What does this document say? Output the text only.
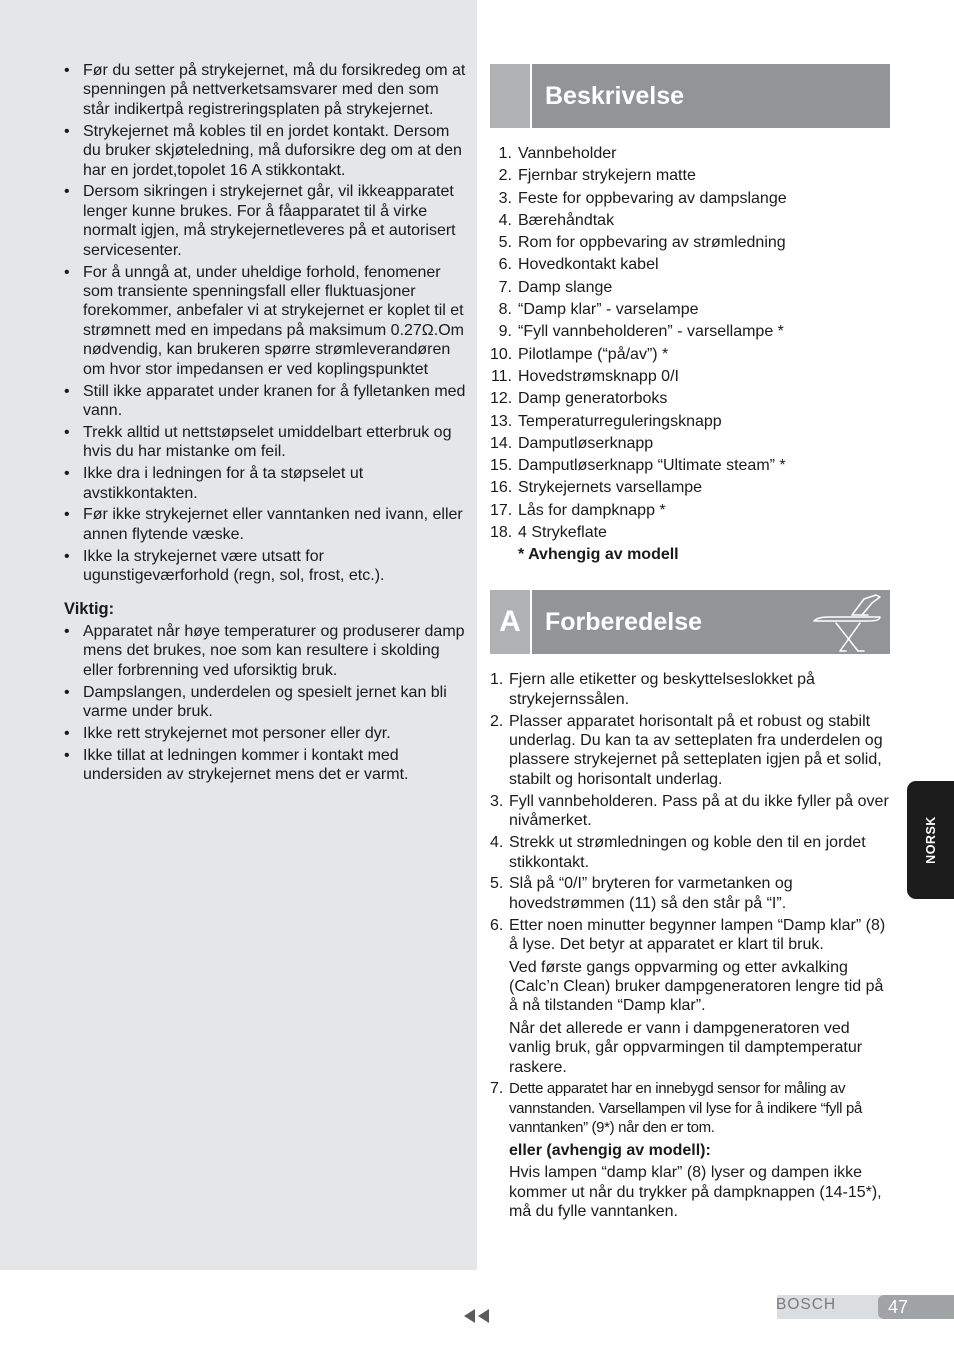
• Før du setter på strykejernet, må du forsikredeg om at spenningen på nettverketsamsvarer med den som står indikertpå registreringsplaten på strykejernet.
• Strykejernet må kobles til en jordet kontakt. Dersom du bruker skjøteledning, må duforsikre deg om at den har en jordet,topolet 16 A stikkontakt.
• Dersom sikringen i strykejernet går, vil ikkeapparatet lenger kunne brukes. For å fåapparatet til å virke normalt igjen, må strykejernetleveres på et autorisert servicesenter.
• For å unngå at, under uheldige forhold, fenomener som transiente spenningsfall eller fluktuasjoner forekommer, anbefaler vi at strykejernet er koplet til et strømnett med en impedans på maksimum 0.27Ω.Om nødvendig, kan brukeren spørre strømleverandøren om hvor stor impedansen er ved koplingspunktet
• Still ikke apparatet under kranen for å fylletanken med vann.
• Trekk alltid ut nettstøpselet umiddelbart etterbruk og hvis du har mistanke om feil.
• Ikke dra i ledningen for å ta støpselet ut avstikkontakten.
• Før ikke strykejernet eller vanntanken ned ivann, eller annen flytende væske.
• Ikke la strykejernet være utsatt for ugunstigeværforhold (regn, sol, frost, etc.).
Viktig:
• Apparatet når høye temperaturer og produserer damp mens det brukes, noe som kan resultere i skolding eller forbrenning ved uforsiktig bruk.
• Dampslangen, underdelen og spesielt jernet kan bli varme under bruk.
• Ikke rett strykejernet mot personer eller dyr.
• Ikke tillat at ledningen kommer i kontakt med undersiden av strykejernet mens det er varmt.
Beskrivelse
1. Vannbeholder
2. Fjernbar strykejern matte
3. Feste for oppbevaring av dampslange
4. Bærehåndtak
5. Rom for oppbevaring av strømledning
6. Hovedkontakt kabel
7. Damp slange
8. “Damp klar” - varselampe
9. “Fyll vannbeholderen” - varsellampe *
10. Pilotlampe (“på/av”) *
11. Hovedstrømsknapp 0/I
12. Damp generatorboks
13. Temperaturreguleringsknapp
14. Damputløserknapp
15. Damputløserknapp “Ultimate steam” *
16. Strykejernets varsellampe
17. Lås for dampknapp *
18. 4 Strykeflate
* Avhengig av modell
A Forberedelse
1. Fjern alle etiketter og beskyttelseslokket på strykejernssålen.
2. Plasser apparatet horisontalt på et robust og stabilt underlag. Du kan ta av setteplaten fra underdelen og plassere strykejernet på setteplaten igjen på et solid, stabilt og horisontalt underlag.
3. Fyll vannbeholderen. Pass på at du ikke fyller på over nivåmerket.
4. Strekk ut strømledningen og koble den til en jordet stikkontakt.
5. Slå på “0/I” bryteren for varmetanken og hovedstrømmen (11) så den står på “I”.
6. Etter noen minutter begynner lampen “Damp klar” (8) å lyse. Det betyr at apparatet er klart til bruk.
Ved første gangs oppvarming og etter avkalking (Calc’n Clean) bruker dampgeneratoren lengre tid på å nå tilstanden “Damp klar”.
Når det allerede er vann i dampgeneratoren ved vanlig bruk, går oppvarmingen til damptemperatur raskere.
7. Dette apparatet har en innebygd sensor for måling av vannstanden. Varsellampen vil lyse for å indikere “fyll på vanntanken” (9*) når den er tom.
eller (avhengig av modell):
Hvis lampen “damp klar” (8) lyser og dampen ikke kommer ut når du trykker på dampknappen (14-15*), må du fylle vanntanken.
NORSK
BOSCH	47
